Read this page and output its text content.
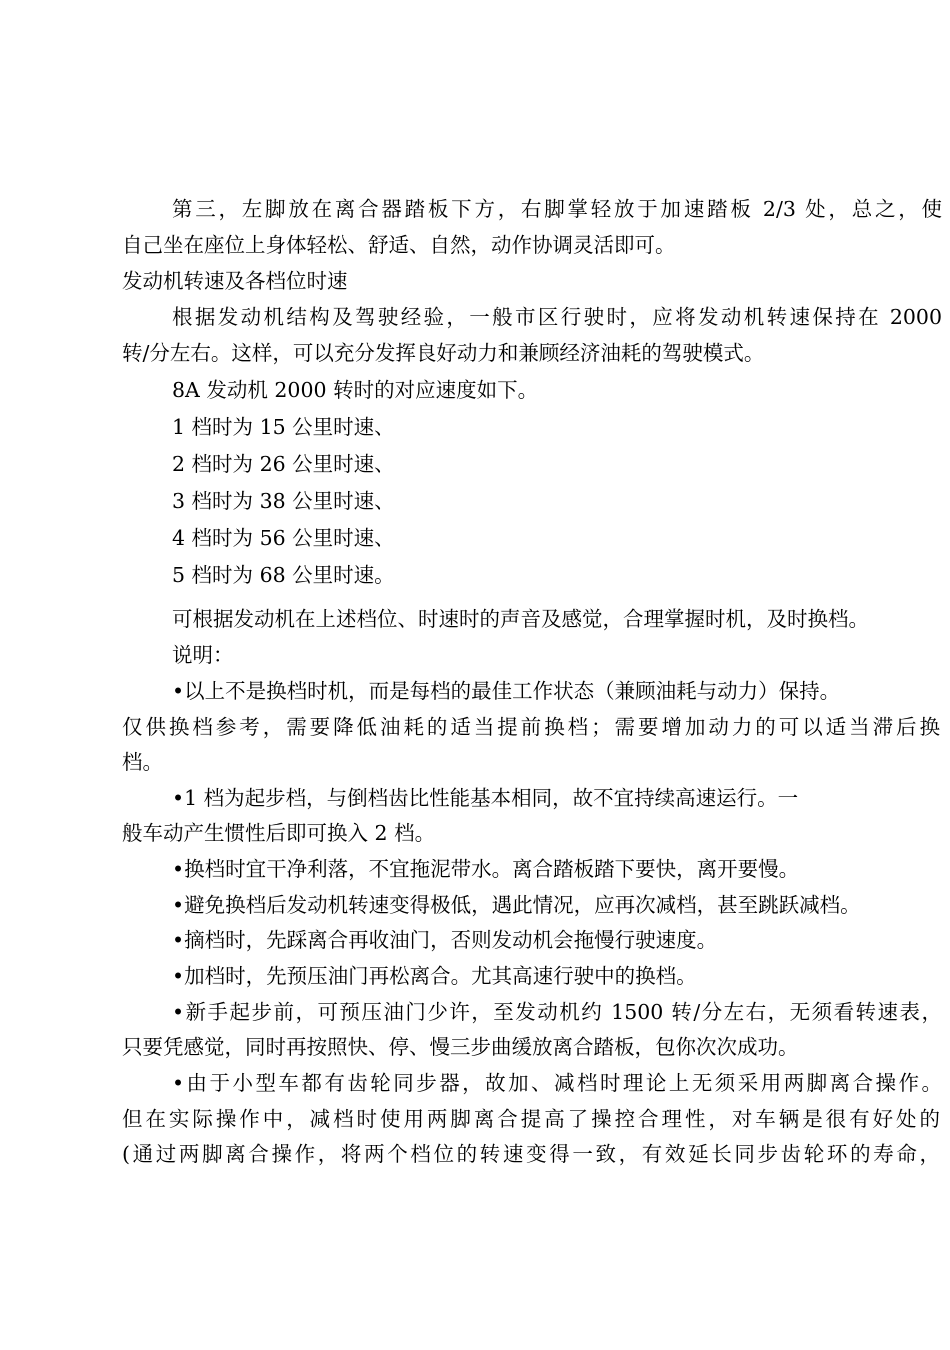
第三，左脚放在离合器踏板下方，右脚掌轻放于加速踏板 2/3 处，总之，使
自己坐在座位上身体轻松、舒适、自然，动作协调灵活即可。
发动机转速及各档位时速
根据发动机结构及驾驶经验，一般市区行驶时，应将发动机转速保持在 2000
转/分左右。这样，可以充分发挥良好动力和兼顾经济油耗的驾驶模式。
8A 发动机 2000 转时的对应速度如下。
1 档时为 15 公里时速、
2 档时为 26 公里时速、
3 档时为 38 公里时速、
4 档时为 56 公里时速、
5 档时为 68 公里时速。
可根据发动机在上述档位、时速时的声音及感觉，合理掌握时机，及时换档。
说明：
•以上不是换档时机，而是每档的最佳工作状态（兼顾油耗与动力）保持。
仅供换档参考，需要降低油耗的适当提前换档；需要增加动力的可以适当滞后换
档。
•1 档为起步档，与倒档齿比性能基本相同，故不宜持续高速运行。一
般车动产生惯性后即可换入 2 档。
•换档时宜干净利落，不宜拖泥带水。离合踏板踏下要快，离开要慢。
•避免换档后发动机转速变得极低，遇此情况，应再次减档，甚至跳跃减档。
•摘档时，先踩离合再收油门，否则发动机会拖慢行驶速度。
•加档时，先预压油门再松离合。尤其高速行驶中的换档。
•新手起步前，可预压油门少许，至发动机约 1500 转/分左右，无须看转速表，
只要凭感觉，同时再按照快、停、慢三步曲缓放离合踏板，包你次次成功。
•由于小型车都有齿轮同步器，故加、减档时理论上无须采用两脚离合操作。
但在实际操作中，减档时使用两脚离合提高了操控合理性，对车辆是很有好处的
(通过两脚离合操作，将两个档位的转速变得一致，有效延长同步齿轮环的寿命，
